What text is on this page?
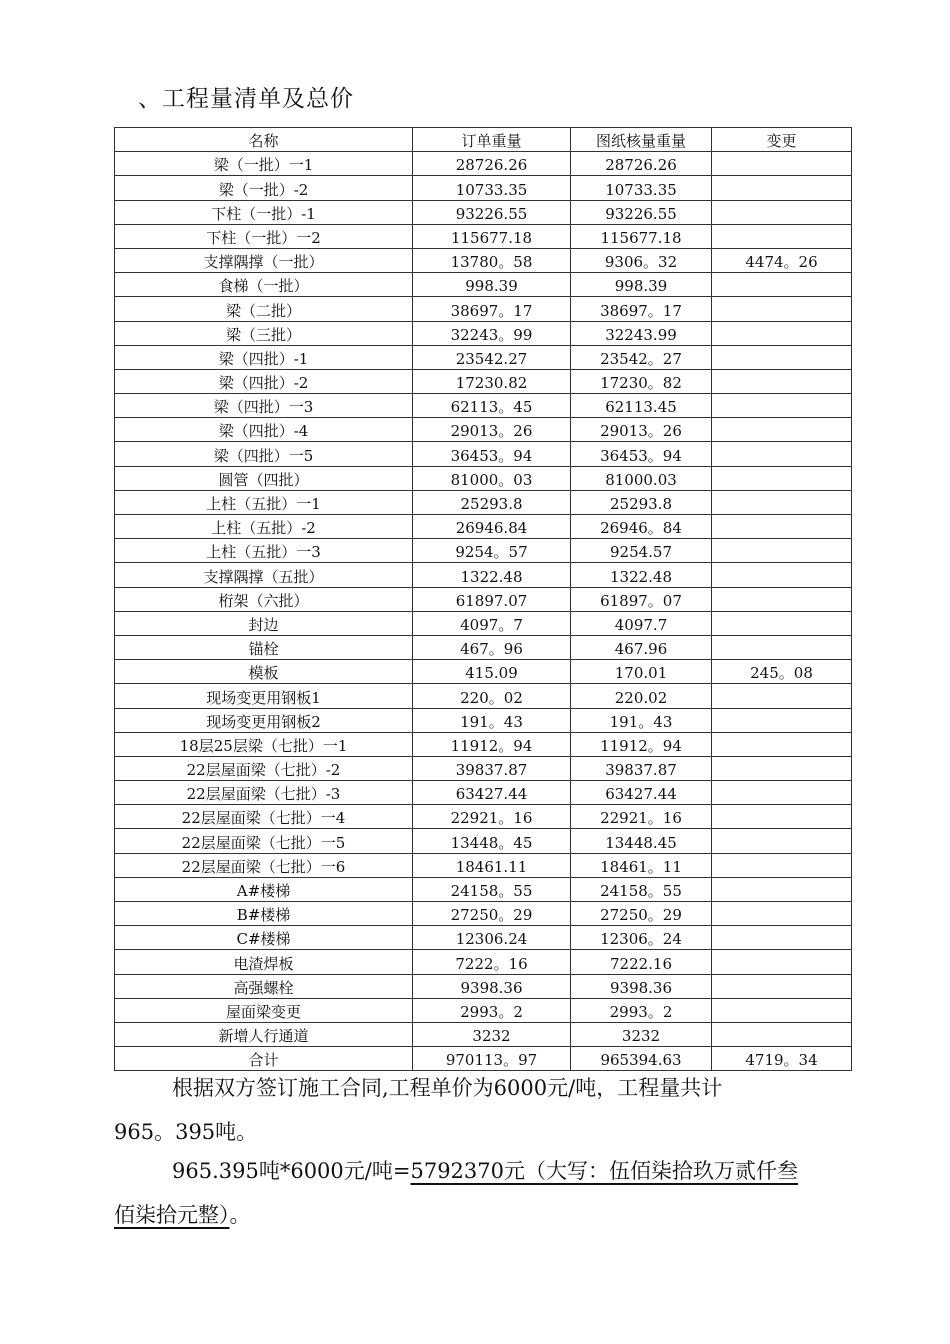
、工程量清单及总价
名称	订单重量	图纸核量重量	变更
梁（一批）一1	28726.26	28726.26	
梁（一批）-2	10733.35	10733.35	
下柱（一批）-1	93226.55	93226.55	
下柱（一批）一2	115677.18	115677.18	
支撑隅撑（一批）	13780。58	9306。32	4474。26
食梯（一批）	998.39	998.39	
梁（二批）	38697。17	38697。17	
梁（三批）	32243。99	32243.99	
梁（四批）-1	23542.27	23542。27	
梁（四批）-2	17230.82	17230。82	
梁（四批）一3	62113。45	62113.45	
梁（四批）-4	29013。26	29013。26	
梁（四批）一5	36453。94	36453。94	
圆管（四批）	81000。03	81000.03	
上柱（五批）一1	25293.8	25293.8	
上柱（五批）-2	26946.84	26946。84	
上柱（五批）一3	9254。57	9254.57	
支撑隅撑（五批）	1322.48	1322.48	
桁架（六批）	61897.07	61897。07	
封边	4097。7	4097.7	
锚栓	467。96	467.96	
模板	415.09	170.01	245。08
现场变更用钢板1	220。02	220.02	
现场变更用钢板2	191。43	191。43	
18层25层梁（七批）一1	11912。94	11912。94	
22层屋面梁（七批）-2	39837.87	39837.87	
22层屋面梁（七批）-3	63427.44	63427.44	
22层屋面梁（七批）一4	22921。16	22921。16	
22层屋面梁（七批）一5	13448。45	13448.45	
22层屋面梁（七批）一6	18461.11	18461。11	
A#楼梯	24158。55	24158。55	
B#楼梯	27250。29	27250。29	
C#楼梯	12306.24	12306。24	
电渣焊板	7222。16	7222.16	
高强螺栓	9398.36	9398.36	
屋面梁变更	2993。2	2993。2	
新增人行通道	3232	3232	
合计	970113。97	965394.63	4719。34
根据双方签订施工合同,工程单价为6000元/吨，工程量共计
965。395吨。
965.395吨*6000元/吨=5792370元（大写：伍佰柒拾玖万贰仟叁
佰柒拾元整）。
